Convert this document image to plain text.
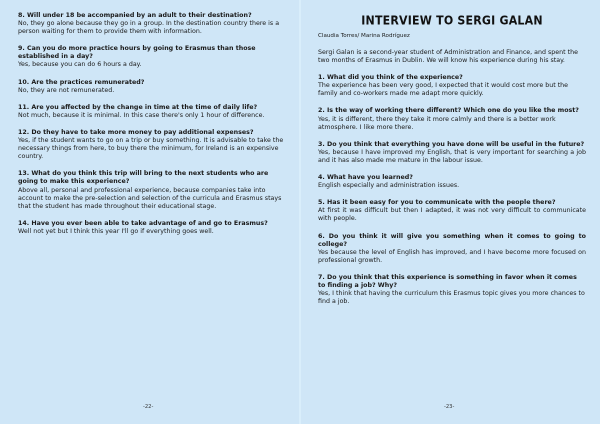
8. Will under 18 be accompanied by an adult to their destination?

No, they go alone because they go in a group. In the destination country there is a person waiting for them to provide them with information.

9. Can you do more practice hours by going to Erasmus than those established in a day?

Yes, because you can do 6 hours a day.

10. Are the practices remunerated?

No, they are not remunerated.

11. Are you affected by the change in time at the time of daily life?

Not much, because it is minimal. In this case there's only 1 hour of difference.

12. Do they have to take more money to pay additional expenses?

Yes, if the student wants to go on a trip or buy something. It is advisable to take the necessary things from here, to buy there the minimum, for Ireland is an expensive country.

13. What do you think this trip will bring to the next students who are going to make this experience?

Above all, personal and professional experience, because companies take into account to make the pre-selection and selection of the curricula and Erasmus stays that the student has made throughout their educational stage.

14. Have you ever been able to take advantage of and go to Erasmus?

Well not yet but I think this year I'll go if everything goes well.

-22-
INTERVIEW TO SERGI GALAN

Claudia Torres/ Marina Rodríguez

Sergi Galan is a second-year student of Administration and Finance, and spent the two months of Erasmus in Dublin. We will know his experience during his stay.

1. What did you think of the experience?

The experience has been very good, I expected that it would cost more but the family and co-workers made me adapt more quickly.

2. Is the way of working there different? Which one do you like the most?

Yes, it is different, there they take it more calmly and there is a better work atmosphere. I like more there.

3. Do you think that everything you have done will be useful in the future?

Yes, because I have improved my English, that is very important for searching a job and it has also made me mature in the labour issue.

4. What have you learned?

English especially and administration issues.

5. Has it been easy for you to communicate with the people there?

At first it was difficult but then I adapted, it was not very difficult to communicate with people.

6. Do you think it will give you something when it comes to going to college?

Yes because the level of English has improved, and I have become more focused on professional growth.

7. Do you think that this experience is something in favor when it comes to finding a job? Why?

Yes, I think that having the curriculum this Erasmus topic gives you more chances to find a job.

-23-
